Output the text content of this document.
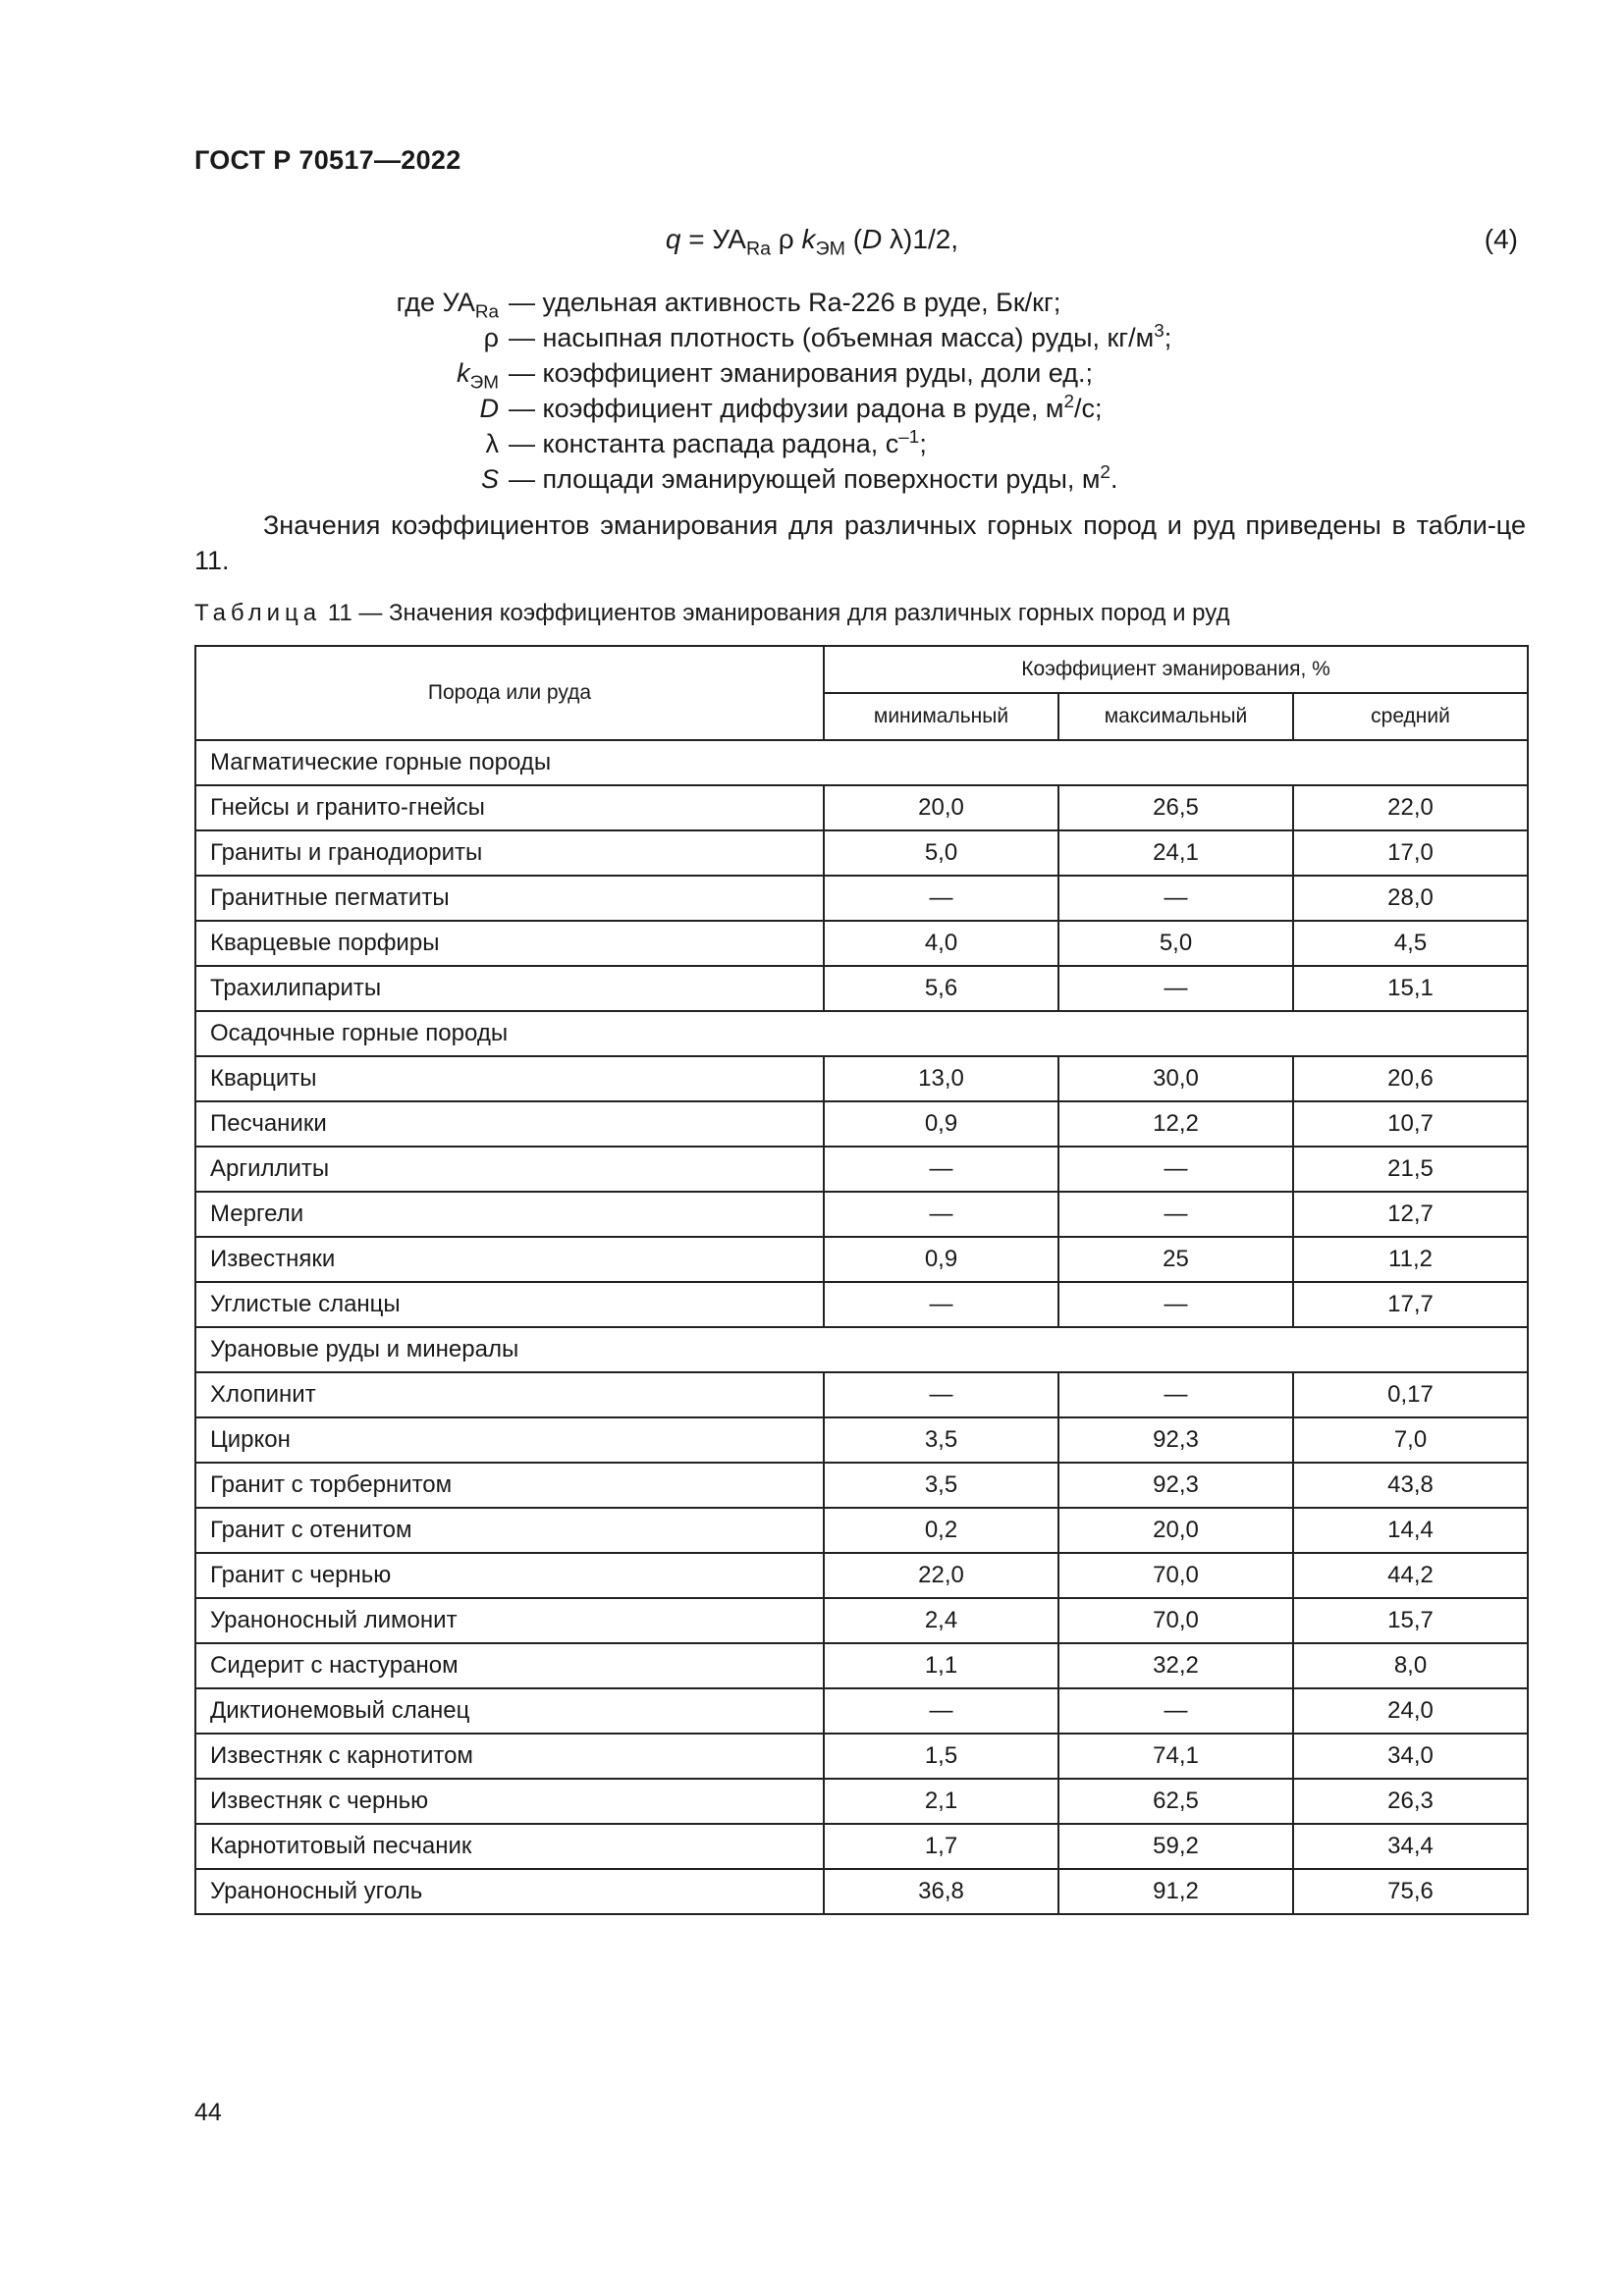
ГОСТ Р 70517—2022
$q = УА_{Ra}$ ρ $k_{ЭМ}$ (D λ)1/2,	(4)
где $УА_{Ra}$ — удельная активность Ra-226 в руде, Бк/кг;
ρ — насыпная плотность (объемная масса) руды, $кг/м^3$;
$k_{ЭМ}$ — коэффициент эманирования руды, доли ед.;
D — коэффициент диффузии радона в руде, $м^2/с$;
λ — константа распада радона, $с^{-1}$;
S — площади эманирующей поверхности руды, $м^2$.
Значения коэффициентов эманирования для различных горных пород и руд приведены в табли-це 11.
Таблица 11 — Значения коэффициентов эманирования для различных горных пород и руд
Порода или руда	Коэффициент эманирования, %		
	минимальный	максимальный	средний
Магматические горные породы			
Гнейсы и гранито-гнейсы	20,0	26,5	22,0
Граниты и гранодиориты	5,0	24,1	17,0
Гранитные пегматиты	—	—	28,0
Кварцевые порфиры	4,0	5,0	4,5
Трахилипариты	5,6	—	15,1
Осадочные горные породы			
Кварциты	13,0	30,0	20,6
Песчаники	0,9	12,2	10,7
Аргиллиты	—	—	21,5
Мергели	—	—	12,7
Известняки	0,9	25	11,2
Углистые сланцы	—	—	17,7
Урановые руды и минералы			
Хлопинит	—	—	0,17
Циркон	3,5	92,3	7,0
Гранит с торбернитом	3,5	92,3	43,8
Гранит с отенитом	0,2	20,0	14,4
Гранит с чернью	22,0	70,0	44,2
Ураноносный лимонит	2,4	70,0	15,7
Сидерит с настураном	1,1	32,2	8,0
Диктионемовый сланец	—	—	24,0
Известняк с карнотитом	1,5	74,1	34,0
Известняк с чернью	2,1	62,5	26,3
Карнотитовый песчаник	1,7	59,2	34,4
Ураноносный уголь	36,8	91,2	75,6
44
